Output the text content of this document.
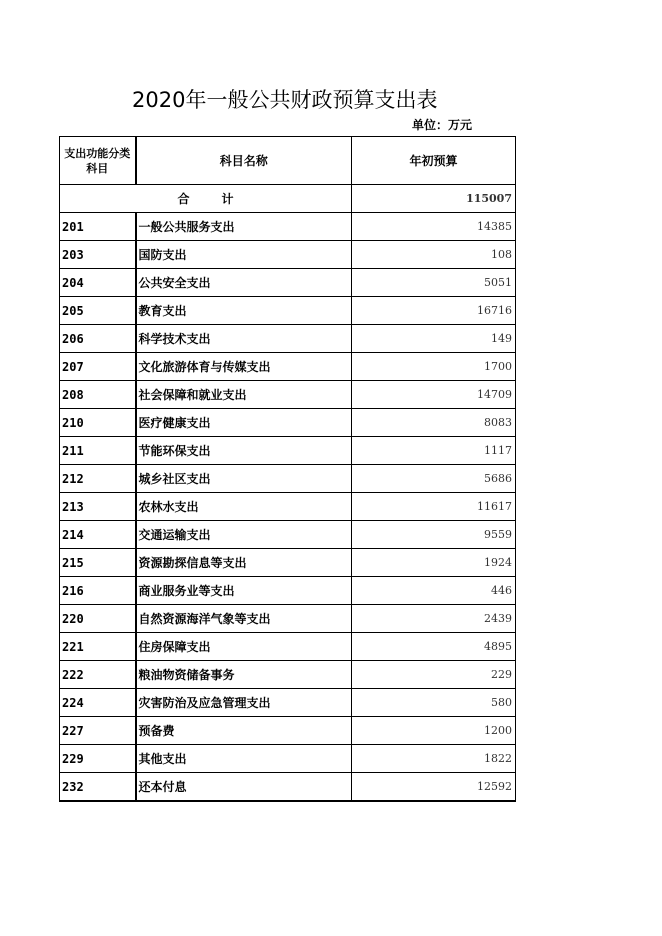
2020年一般公共财政预算支出表
单位：万元
支出功能分类科目	科目名称	年初预算
合 计		115007
201	一般公共服务支出	14385
203	国防支出	108
204	公共安全支出	5051
205	教育支出	16716
206	科学技术支出	149
207	文化旅游体育与传媒支出	1700
208	社会保障和就业支出	14709
210	医疗健康支出	8083
211	节能环保支出	1117
212	城乡社区支出	5686
213	农林水支出	11617
214	交通运输支出	9559
215	资源勘探信息等支出	1924
216	商业服务业等支出	446
220	自然资源海洋气象等支出	2439
221	住房保障支出	4895
222	粮油物资储备事务	229
224	灾害防治及应急管理支出	580
227	预备费	1200
229	其他支出	1822
232	还本付息	12592
